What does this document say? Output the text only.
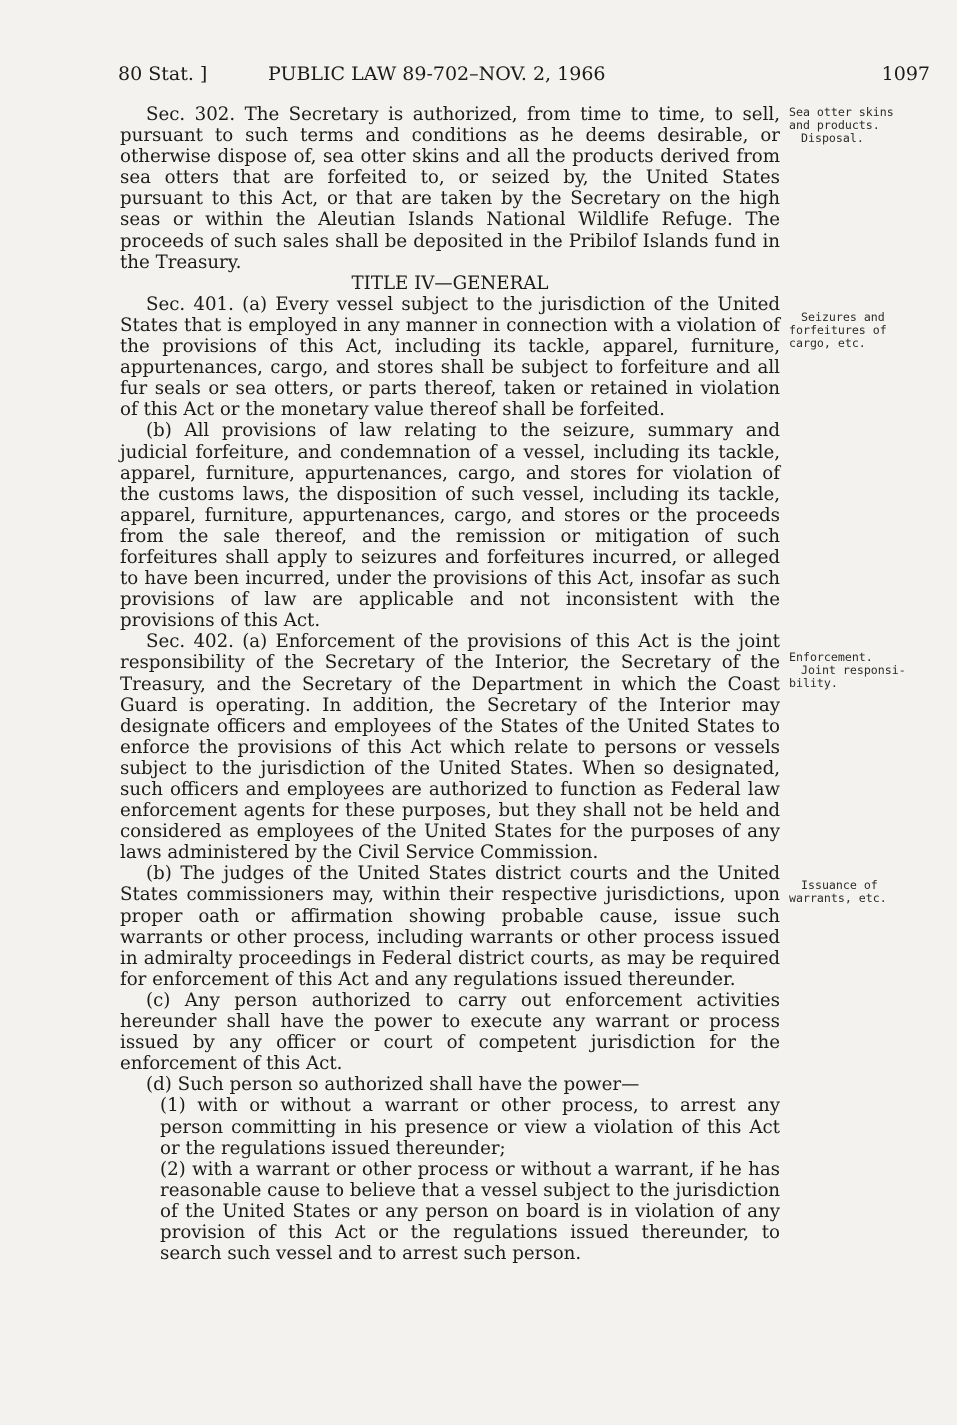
80 Stat. ]	PUBLIC LAW 89-702–NOV. 2, 1966	1097

Sec. 302. The Secretary is authorized, from time to time, to sell, pursuant to such terms and conditions as he deems desirable, or otherwise dispose of, sea otter skins and all the products derived from sea otters that are forfeited to, or seized by, the United States pursuant to this Act, or that are taken by the Secretary on the high seas or within the Aleutian Islands National Wildlife Refuge. The proceeds of such sales shall be deposited in the Pribilof Islands fund in the Treasury.

TITLE IV—GENERAL

Sec. 401. (a) Every vessel subject to the jurisdiction of the United States that is employed in any manner in connection with a violation of the provisions of this Act, including its tackle, apparel, furniture, appurtenances, cargo, and stores shall be subject to forfeiture and all fur seals or sea otters, or parts thereof, taken or retained in violation of this Act or the monetary value thereof shall be forfeited.

(b) All provisions of law relating to the seizure, summary and judicial forfeiture, and condemnation of a vessel, including its tackle, apparel, furniture, appurtenances, cargo, and stores for violation of the customs laws, the disposition of such vessel, including its tackle, apparel, furniture, appurtenances, cargo, and stores or the proceeds from the sale thereof, and the remission or mitigation of such forfeitures shall apply to seizures and forfeitures incurred, or alleged to have been incurred, under the provisions of this Act, insofar as such provisions of law are applicable and not inconsistent with the provisions of this Act.

Sec. 402. (a) Enforcement of the provisions of this Act is the joint responsibility of the Secretary of the Interior, the Secretary of the Treasury, and the Secretary of the Department in which the Coast Guard is operating. In addition, the Secretary of the Interior may designate officers and employees of the States of the United States to enforce the provisions of this Act which relate to persons or vessels subject to the jurisdiction of the United States. When so designated, such officers and employees are authorized to function as Federal law enforcement agents for these purposes, but they shall not be held and considered as employees of the United States for the purposes of any laws administered by the Civil Service Commission.

(b) The judges of the United States district courts and the United States commissioners may, within their respective jurisdictions, upon proper oath or affirmation showing probable cause, issue such warrants or other process, including warrants or other process issued in admiralty proceedings in Federal district courts, as may be required for enforcement of this Act and any regulations issued thereunder.

(c) Any person authorized to carry out enforcement activities hereunder shall have the power to execute any warrant or process issued by any officer or court of competent jurisdiction for the enforcement of this Act.

(d) Such person so authorized shall have the power—

(1) with or without a warrant or other process, to arrest any person committing in his presence or view a violation of this Act or the regulations issued thereunder;

(2) with a warrant or other process or without a warrant, if he has reasonable cause to believe that a vessel subject to the jurisdiction of the United States or any person on board is in violation of any provision of this Act or the regulations issued thereunder, to search such vessel and to arrest such person.

Sea otter skins
and products.
Disposal.
Seizures and
forfeitures of
cargo, etc.
Enforcement.
Joint responsi-
bility.
Issuance of
warrants, etc.
